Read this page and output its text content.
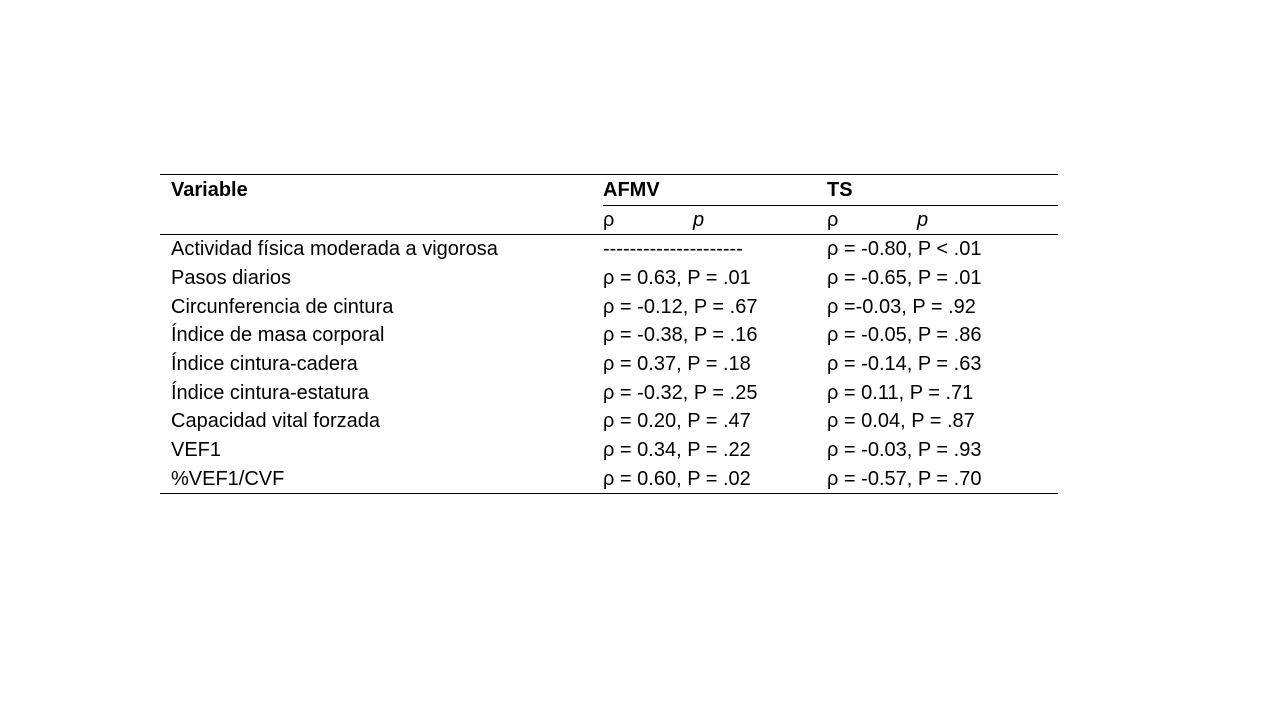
Variable	AFMV	TS
	ρ p	ρ p
Actividad física moderada a vigorosa	---------------------	ρ = -0.80, P < .01
Pasos diarios	ρ = 0.63, P = .01	ρ = -0.65, P = .01
Circunferencia de cintura	ρ = -0.12, P = .67	ρ =-0.03, P = .92
Índice de masa corporal	ρ = -0.38, P = .16	ρ = -0.05, P = .86
Índice cintura-cadera	ρ = 0.37, P = .18	ρ = -0.14, P = .63
Índice cintura-estatura	ρ = -0.32, P = .25	ρ = 0.11, P = .71
Capacidad vital forzada	ρ = 0.20, P = .47	ρ = 0.04, P = .87
VEF1	ρ = 0.34, P = .22	ρ = -0.03, P = .93
%VEF1/CVF	ρ = 0.60, P = .02	ρ = -0.57, P = .70
